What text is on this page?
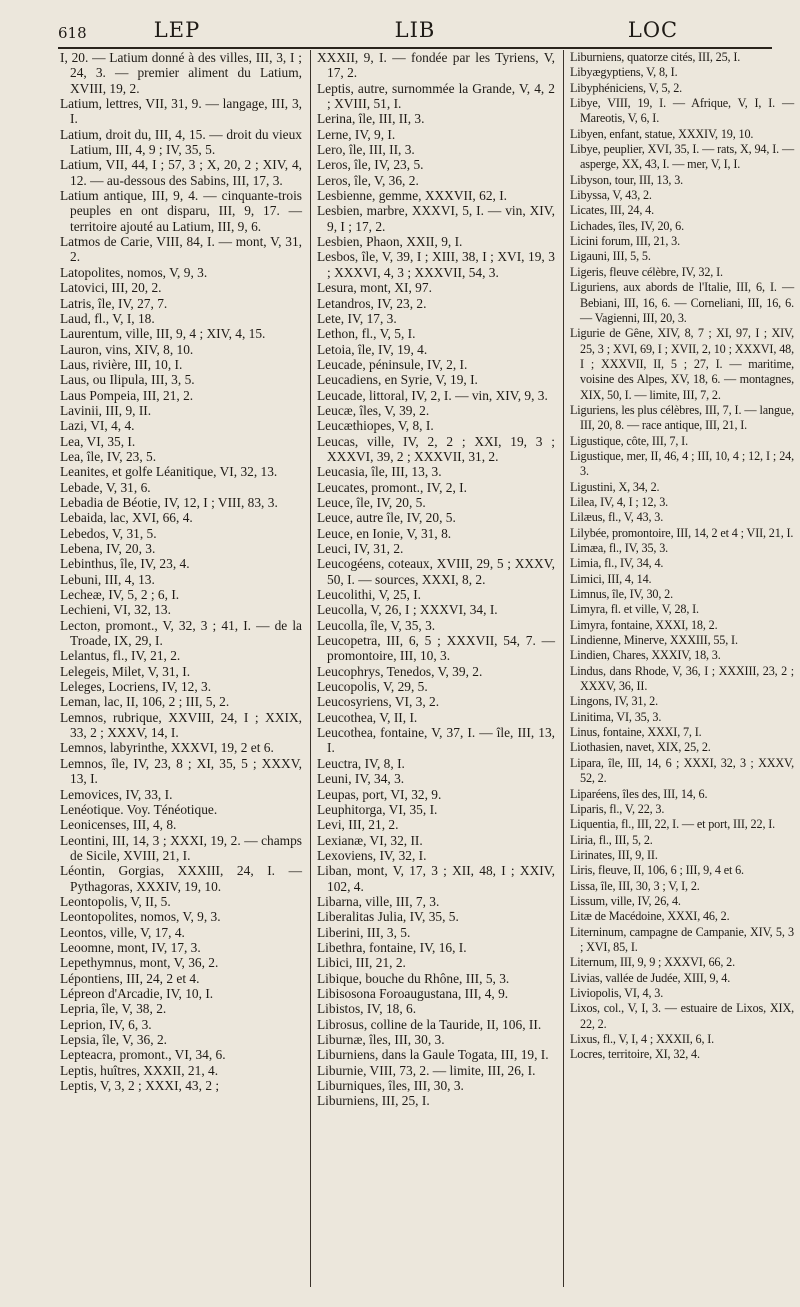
618	LEP	LIB	LOC

I, 20. — Latium donné à des villes, III, 3, I ; 24, 3. — premier aliment du Latium, XVIII, 19, 2.

Latium, lettres, VII, 31, 9. — langage, III, 3, I.

Latium, droit du, III, 4, 15. — droit du vieux Latium, III, 4, 9 ; IV, 35, 5.

Latium, VII, 44, I ; 57, 3 ; X, 20, 2 ; XIV, 4, 12. — au-dessous des Sabins, III, 17, 3.

Latium antique, III, 9, 4. — cinquante-trois peuples en ont disparu, III, 9, 17. — territoire ajouté au Latium, III, 9, 6.

Latmos de Carie, VIII, 84, I. — mont, V, 31, 2.

Latopolites, nomos, V, 9, 3.

Latovici, III, 20, 2.

Latris, île, IV, 27, 7.

Laud, fl., V, I, 18.

Laurentum, ville, III, 9, 4 ; XIV, 4, 15.

Lauron, vins, XIV, 8, 10.

Laus, rivière, III, 10, I.

Laus, ou Ilipula, III, 3, 5.

Laus Pompeia, III, 21, 2.

Lavinii, III, 9, II.

Lazi, VI, 4, 4.

Lea, VI, 35, I.

Lea, île, IV, 23, 5.

Leanites, et golfe Léanitique, VI, 32, 13.

Lebade, V, 31, 6.

Lebadia de Béotie, IV, 12, I ; VIII, 83, 3.

Lebaida, lac, XVI, 66, 4.

Lebedos, V, 31, 5.

Lebena, IV, 20, 3.

Lebinthus, île, IV, 23, 4.

Lebuni, III, 4, 13.

Lecheæ, IV, 5, 2 ; 6, I.

Lechieni, VI, 32, 13.

Lecton, promont., V, 32, 3 ; 41, I. — de la Troade, IX, 29, I.

Lelantus, fl., IV, 21, 2.

Lelegeis, Milet, V, 31, I.

Leleges, Locriens, IV, 12, 3.

Leman, lac, II, 106, 2 ; III, 5, 2.

Lemnos, rubrique, XXVIII, 24, I ; XXIX, 33, 2 ; XXXV, 14, I.

Lemnos, labyrinthe, XXXVI, 19, 2 et 6.

Lemnos, île, IV, 23, 8 ; XI, 35, 5 ; XXXV, 13, I.

Lemovices, IV, 33, I.

Lenéotique. Voy. Ténéotique.

Leonicenses, III, 4, 8.

Leontini, III, 14, 3 ; XXXI, 19, 2. — champs de Sicile, XVIII, 21, I.

Léontin, Gorgias, XXXIII, 24, I. — Pythagoras, XXXIV, 19, 10.

Leontopolis, V, II, 5.

Leontopolites, nomos, V, 9, 3.

Leontos, ville, V, 17, 4.

Leoomne, mont, IV, 17, 3.

Lepethymnus, mont, V, 36, 2.

Lépontiens, III, 24, 2 et 4.

Lépreon d'Arcadie, IV, 10, I.

Lepria, île, V, 38, 2.

Leprion, IV, 6, 3.

Lepsia, île, V, 36, 2.

Lepteacra, promont., VI, 34, 6.

Leptis, huîtres, XXXII, 21, 4.

Leptis, V, 3, 2 ; XXXI, 43, 2 ;

XXXII, 9, I. — fondée par les Tyriens, V, 17, 2.

Leptis, autre, surnommée la Grande, V, 4, 2 ; XVIII, 51, I.

Lerina, île, III, II, 3.

Lerne, IV, 9, I.

Lero, île, III, II, 3.

Leros, île, IV, 23, 5.

Leros, île, V, 36, 2.

Lesbienne, gemme, XXXVII, 62, I.

Lesbien, marbre, XXXVI, 5, I. — vin, XIV, 9, I ; 17, 2.

Lesbien, Phaon, XXII, 9, I.

Lesbos, île, V, 39, I ; XIII, 38, I ; XVI, 19, 3 ; XXXVI, 4, 3 ; XXXVII, 54, 3.

Lesura, mont, XI, 97.

Letandros, IV, 23, 2.

Lete, IV, 17, 3.

Lethon, fl., V, 5, I.

Letoia, île, IV, 19, 4.

Leucade, péninsule, IV, 2, I.

Leucadiens, en Syrie, V, 19, I.

Leucade, littoral, IV, 2, I. — vin, XIV, 9, 3.

Leucæ, îles, V, 39, 2.

Leucæthiopes, V, 8, I.

Leucas, ville, IV, 2, 2 ; XXI, 19, 3 ; XXXVI, 39, 2 ; XXXVII, 31, 2.

Leucasia, île, III, 13, 3.

Leucates, promont., IV, 2, I.

Leuce, île, IV, 20, 5.

Leuce, autre île, IV, 20, 5.

Leuce, en Ionie, V, 31, 8.

Leuci, IV, 31, 2.

Leucogéens, coteaux, XVIII, 29, 5 ; XXXV, 50, I. — sources, XXXI, 8, 2.

Leucolithi, V, 25, I.

Leucolla, V, 26, I ; XXXVI, 34, I.

Leucolla, île, V, 35, 3.

Leucopetra, III, 6, 5 ; XXXVII, 54, 7. — promontoire, III, 10, 3.

Leucophrys, Tenedos, V, 39, 2.

Leucopolis, V, 29, 5.

Leucosyriens, VI, 3, 2.

Leucothea, V, II, I.

Leucothea, fontaine, V, 37, I. — île, III, 13, I.

Leuctra, IV, 8, I.

Leuni, IV, 34, 3.

Leupas, port, VI, 32, 9.

Leuphitorga, VI, 35, I.

Levi, III, 21, 2.

Lexianæ, VI, 32, II.

Lexoviens, IV, 32, I.

Liban, mont, V, 17, 3 ; XII, 48, I ; XXIV, 102, 4.

Libarna, ville, III, 7, 3.

Liberalitas Julia, IV, 35, 5.

Liberini, III, 3, 5.

Libethra, fontaine, IV, 16, I.

Libici, III, 21, 2.

Libique, bouche du Rhône, III, 5, 3.

Libisosona Foroaugustana, III, 4, 9.

Libistos, IV, 18, 6.

Librosus, colline de la Tauride, II, 106, II.

Liburnæ, îles, III, 30, 3.

Liburniens, dans la Gaule Togata, III, 19, I.

Liburnie, VIII, 73, 2. — limite, III, 26, I.

Liburniques, îles, III, 30, 3.

Liburniens, III, 25, I.

Liburniens, quatorze cités, III, 25, I.

Libyægyptiens, V, 8, I.

Libyphéniciens, V, 5, 2.

Libye, VIII, 19, I. — Afrique, V, I, I. — Mareotis, V, 6, I.

Libyen, enfant, statue, XXXIV, 19, 10.

Libye, peuplier, XVI, 35, I. — rats, X, 94, I. — asperge, XX, 43, I. — mer, V, I, I.

Libyson, tour, III, 13, 3.

Libyssa, V, 43, 2.

Licates, III, 24, 4.

Lichades, îles, IV, 20, 6.

Licini forum, III, 21, 3.

Ligauni, III, 5, 5.

Ligeris, fleuve célèbre, IV, 32, I.

Liguriens, aux abords de l'Italie, III, 6, I. — Bebiani, III, 16, 6. — Corneliani, III, 16, 6. — Vagienni, III, 20, 3.

Ligurie de Gêne, XIV, 8, 7 ; XI, 97, I ; XIV, 25, 3 ; XVI, 69, I ; XVII, 2, 10 ; XXXVI, 48, I ; XXXVII, II, 5 ; 27, I. — maritime, voisine des Alpes, XV, 18, 6. — montagnes, XIX, 50, I. — limite, III, 7, 2.

Liguriens, les plus célèbres, III, 7, I. — langue, III, 20, 8. — race antique, III, 21, I.

Ligustique, côte, III, 7, I.

Ligustique, mer, II, 46, 4 ; III, 10, 4 ; 12, I ; 24, 3.

Ligustini, X, 34, 2.

Lilea, IV, 4, I ; 12, 3.

Lilæus, fl., V, 43, 3.

Lilybée, promontoire, III, 14, 2 et 4 ; VII, 21, I.

Limæa, fl., IV, 35, 3.

Limia, fl., IV, 34, 4.

Limici, III, 4, 14.

Limnus, île, IV, 30, 2.

Limyra, fl. et ville, V, 28, I.

Limyra, fontaine, XXXI, 18, 2.

Lindienne, Minerve, XXXIII, 55, I.

Lindien, Chares, XXXIV, 18, 3.

Lindus, dans Rhode, V, 36, I ; XXXIII, 23, 2 ; XXXV, 36, II.

Lingons, IV, 31, 2.

Linitima, VI, 35, 3.

Linus, fontaine, XXXI, 7, I.

Liothasien, navet, XIX, 25, 2.

Lipara, île, III, 14, 6 ; XXXI, 32, 3 ; XXXV, 52, 2.

Liparéens, îles des, III, 14, 6.

Liparis, fl., V, 22, 3.

Liquentia, fl., III, 22, I. — et port, III, 22, I.

Liria, fl., III, 5, 2.

Lirinates, III, 9, II.

Liris, fleuve, II, 106, 6 ; III, 9, 4 et 6.

Lissa, île, III, 30, 3 ; V, I, 2.

Lissum, ville, IV, 26, 4.

Litæ de Macédoine, XXXI, 46, 2.

Literninum, campagne de Campanie, XIV, 5, 3 ; XVI, 85, I.

Liternum, III, 9, 9 ; XXXVI, 66, 2.

Livias, vallée de Judée, XIII, 9, 4.

Liviopolis, VI, 4, 3.

Lixos, col., V, I, 3. — estuaire de Lixos, XIX, 22, 2.

Lixus, fl., V, I, 4 ; XXXII, 6, I.

Locres, territoire, XI, 32, 4.
